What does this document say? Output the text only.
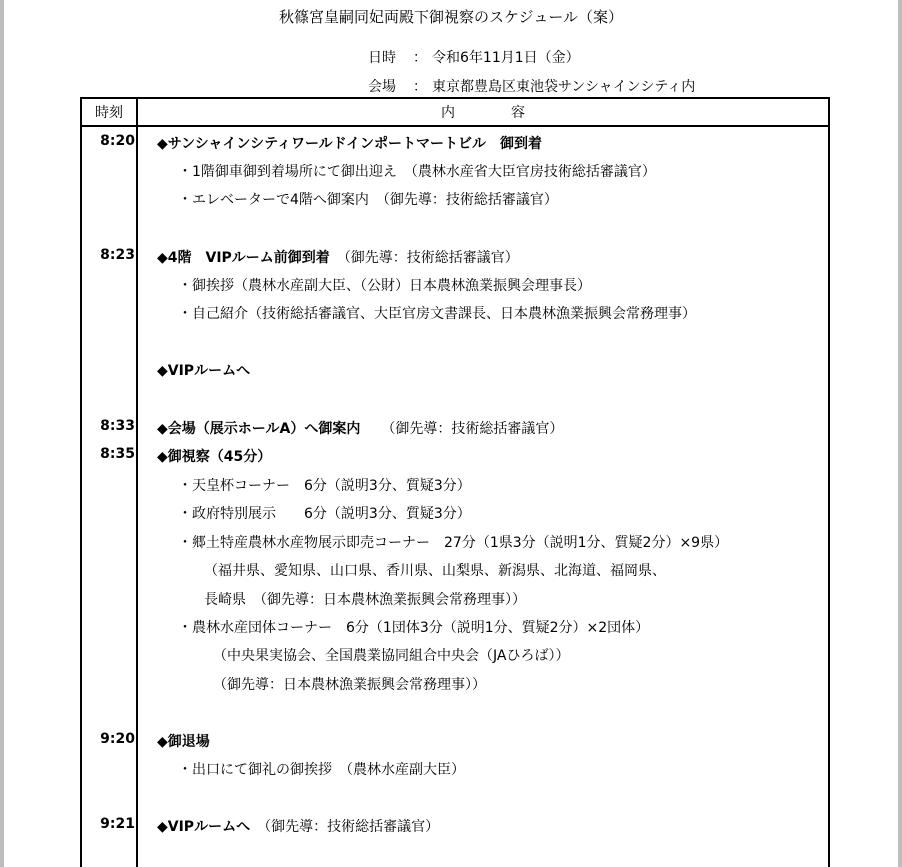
秋篠宮皇嗣同妃両殿下御視察のスケジュール（案）
日時 ： 令和6年11月1日（金）
会場 ： 東京都豊島区東池袋サンシャインシティ内
時刻	内　　　　容

8:20 ◆サンシャインシティワールドインポートマートビル　御到着
・1階御車御到着場所にて御出迎え　（農林水産省大臣官房技術総括審議官）
・エレベーターで4階へ御案内　（御先導：技術総括審議官）
8:23 ◆4階　VIPルーム前御到着　 （御先導：技術総括審議官）
・御挨拶（農林水産副大臣、（公財）日本農林漁業振興会理事長）
・自己紹介（技術総括審議官、大臣官房文書課長、日本農林漁業振興会常務理事）
◆VIPルームへ
8:33 ◆会場（展示ホールA）へ御案内　　 （御先導：技術総括審議官）
8:35 ◆御視察（45分）
・天皇杯コーナー　6分（説明3分、質疑3分）
・政府特別展示　　6分（説明3分、質疑3分）
・郷土特産農林水産物展示即売コーナー　27分（1県3分（説明1分、質疑2分）×9県）
（福井県、愛知県、山口県、香川県、山梨県、新潟県、北海道、福岡県、
長崎県　（御先導：日本農林漁業振興会常務理事））
・農林水産団体コーナー　6分（1団体3分（説明1分、質疑2分）×2団体）
（中央果実協会、全国農業協同組合中央会（JAひろば））
（御先導：日本農林漁業振興会常務理事））
9:20 ◆御退場
・出口にて御礼の御挨拶　（農林水産副大臣）
9:21 ◆VIPルームへ　 （御先導：技術総括審議官）
